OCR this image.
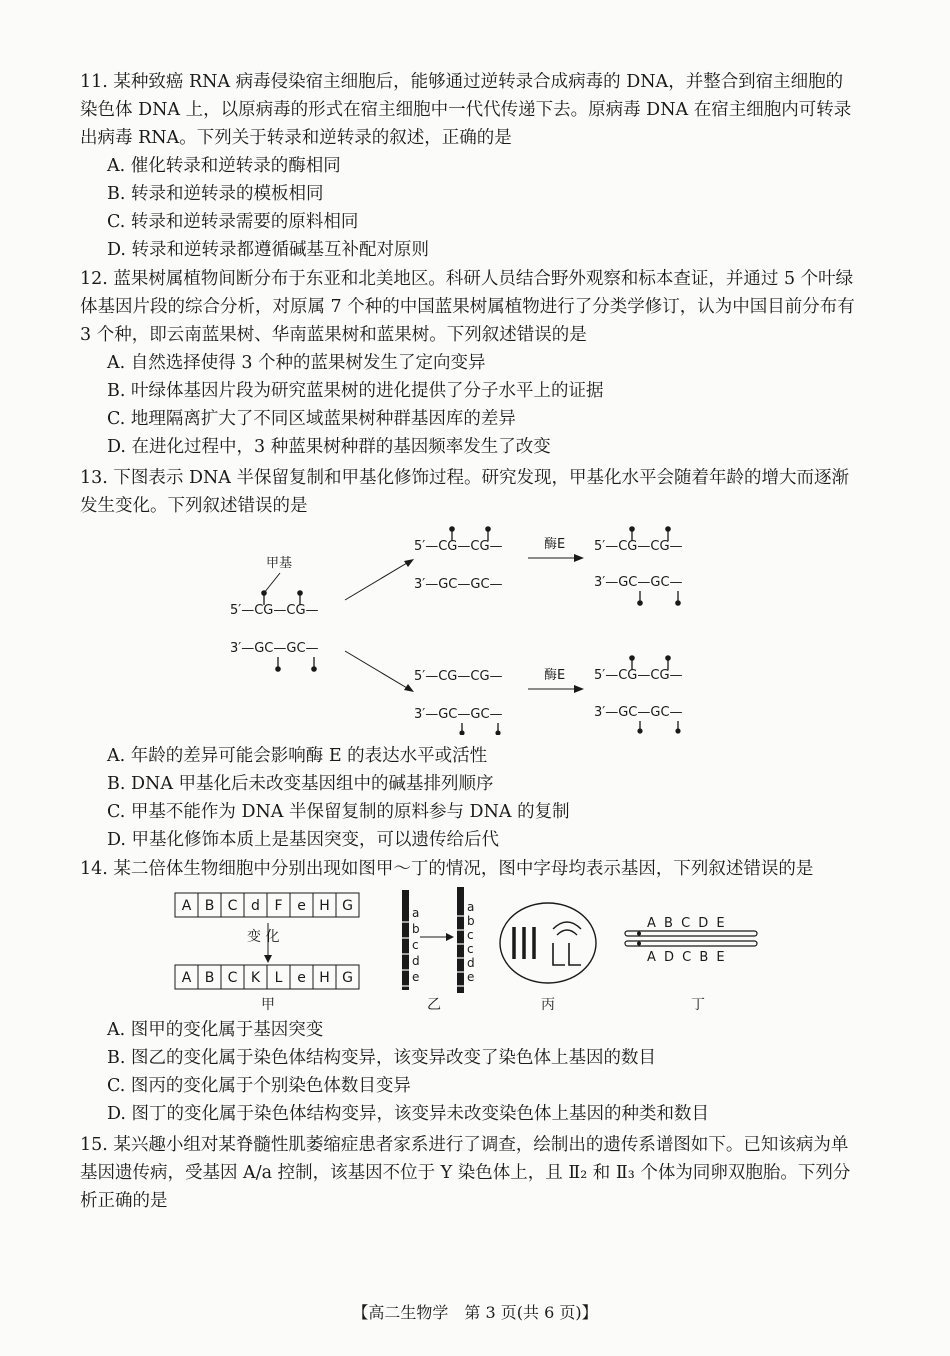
11. 某种致癌 RNA 病毒侵染宿主细胞后，能够通过逆转录合成病毒的 DNA，并整合到宿主细胞的染色体 DNA 上，以原病毒的形式在宿主细胞中一代代传递下去。原病毒 DNA 在宿主细胞内可转录出病毒 RNA。下列关于转录和逆转录的叙述，正确的是

A. 催化转录和逆转录的酶相同

B. 转录和逆转录的模板相同

C. 转录和逆转录需要的原料相同

D. 转录和逆转录都遵循碱基互补配对原则

12. 蓝果树属植物间断分布于东亚和北美地区。科研人员结合野外观察和标本查证，并通过 5 个叶绿体基因片段的综合分析，对原属 7 个种的中国蓝果树属植物进行了分类学修订，认为中国目前分布有 3 个种，即云南蓝果树、华南蓝果树和蓝果树。下列叙述错误的是

A. 自然选择使得 3 个种的蓝果树发生了定向变异

B. 叶绿体基因片段为研究蓝果树的进化提供了分子水平上的证据

C. 地理隔离扩大了不同区域蓝果树种群基因库的差异

D. 在进化过程中，3 种蓝果树种群的基因频率发生了改变

13. 下图表示 DNA 半保留复制和甲基化修饰过程。研究发现，甲基化水平会随着年龄的增大而逐渐发生变化。下列叙述错误的是

甲基
5′—CG—CG—
3′—GC—GC—
5′—CG—CG—
3′—GC—GC—
酶E 5′—CG—CG—
3′—GC—GC—
5′—CG—CG—
3′—GC—GC—
酶E 5′—CG—CG—
3′—GC—GC—

A. 年龄的差异可能会影响酶 E 的表达水平或活性

B. DNA 甲基化后未改变基因组中的碱基排列顺序

C. 甲基不能作为 DNA 半保留复制的原料参与 DNA 的复制

D. 甲基化修饰本质上是基因突变，可以遗传给后代

14. 某二倍体生物细胞中分别出现如图甲～丁的情况，图中字母均表示基因，下列叙述错误的是

A B C d F e H G
A B C K L e H G
变 化
甲
a
b
c
d
e
a
b
c
c
d
e
乙	丙
A B C D E
A D C B E
丁

A. 图甲的变化属于基因突变

B. 图乙的变化属于染色体结构变异，该变异改变了染色体上基因的数目

C. 图丙的变化属于个别染色体数目变异

D. 图丁的变化属于染色体结构变异，该变异未改变染色体上基因的种类和数目

15. 某兴趣小组对某脊髓性肌萎缩症患者家系进行了调查，绘制出的遗传系谱图如下。已知该病为单基因遗传病，受基因 A/a 控制，该基因不位于 Y 染色体上，且 Ⅱ₂ 和 Ⅱ₃ 个体为同卵双胞胎。下列分析正确的是

【高二生物学　第 3 页(共 6 页)】
